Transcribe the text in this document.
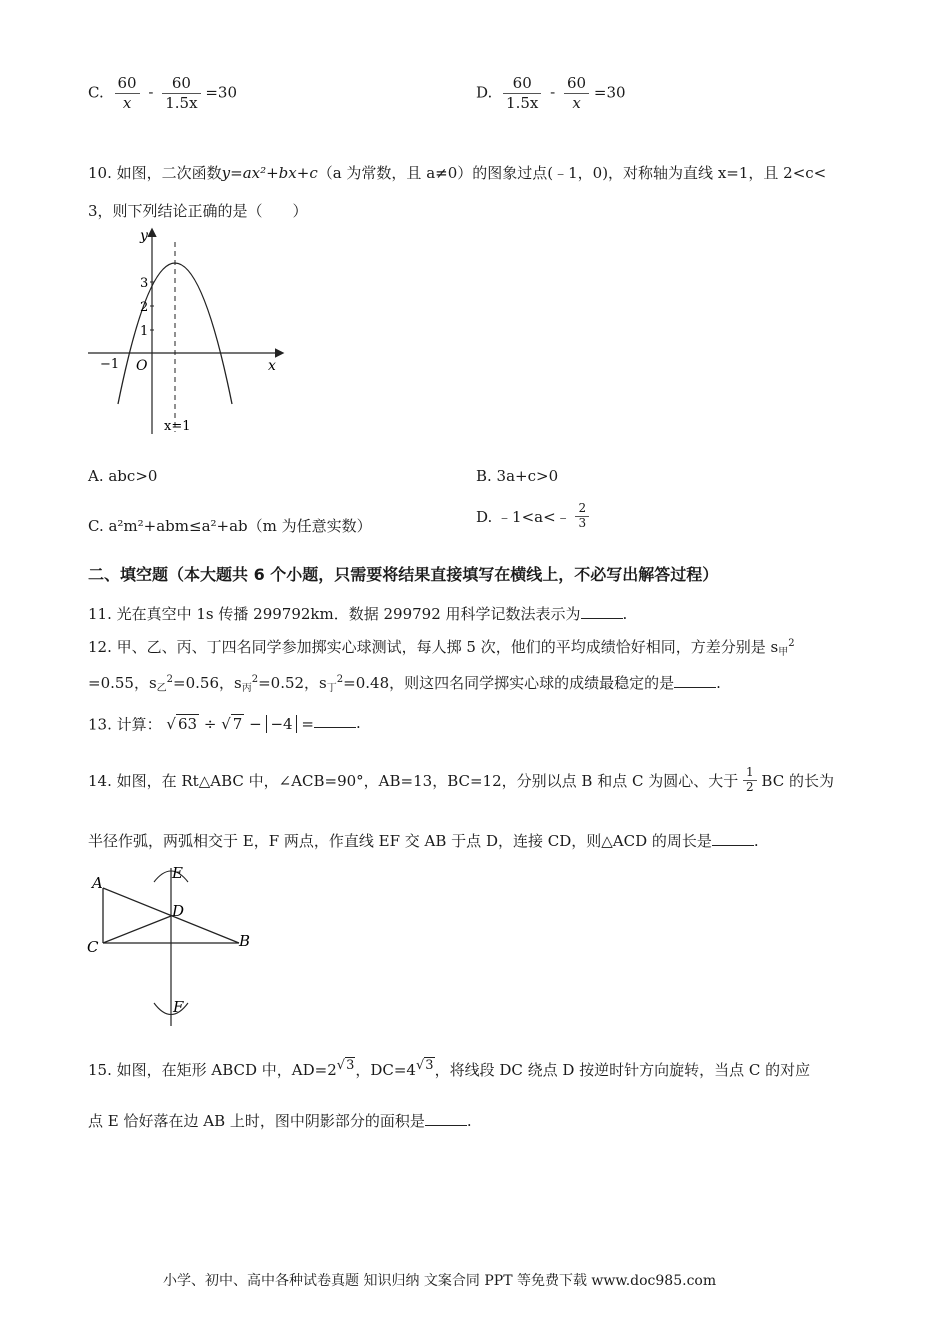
C. $\frac{60}{x} - \frac{60}{1.5x} =30$	D. $\frac{60}{1.5x} - \frac{60}{x} =30$
10. 如图，二次函数y=ax²+bx+c（a 为常数，且 a≠0）的图象过点(﹣1，0)，对称轴为直线 x=1，且 2<c<
3，则下列结论正确的是（　　）
y
x
O
3
2
1
−1
x=1
A. abc>0	B. 3a+c>0
C. a²m²+abm≤a²+ab（m 为任意实数）
D. ﹣1<a<﹣ $\frac{2}{3}$
二、填空题（本大题共 6 个小题，只需要将结果直接填写在横线上，不必写出解答过程）
11. 光在真空中 1s 传播 299792km．数据 299792 用科学记数法表示为	.
12. 甲、乙、丙、丁四名同学参加掷实心球测试，每人掷 5 次，他们的平均成绩恰好相同，方差分别是 $s_甲^2$
=0.55，$s_乙^2=0.56$，$s_丙^2=0.52$，$s_丁^2=0.48$，则这四名同学掷实心球的成绩最稳定的是	.
13. 计算： √ 63 ÷ √ 7 − −4 =	.
14. 如图，在 Rt△ABC 中，∠ACB=90°，AB=13，BC=12，分别以点 B 和点 C 为圆心、大于 $\frac{1}{2}$ BC 的长为
半径作弧，两弧相交于 E，F 两点，作直线 EF 交 AB 于点 D，连接 CD，则△ACD 的周长是	.
A
C	B
D
E
F
15. 如图，在矩形 ABCD 中，AD=2√3，DC=4√3，将线段 DC 绕点 D 按逆时针方向旋转，当点 C 的对应
点 E 恰好落在边 AB 上时，图中阴影部分的面积是	.
小学、初中、高中各种试卷真题 知识归纳 文案合同 PPT 等免费下载 www.doc985.com
